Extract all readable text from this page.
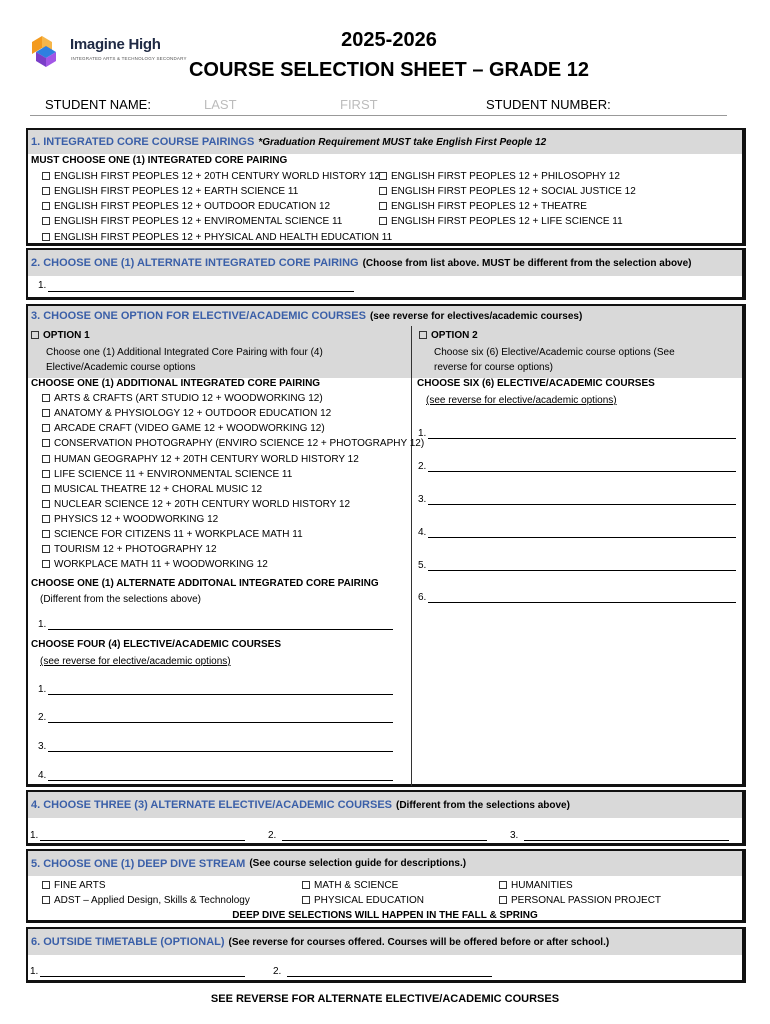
Imagine High
INTEGRATED ARTS & TECHNOLOGY SECONDARY
2025-2026
COURSE SELECTION SHEET – GRADE 12
STUDENT NAME:	LAST	FIRST	STUDENT NUMBER:
1. INTEGRATED CORE COURSE PAIRINGS *Graduation Requirement MUST take English First People 12
MUST CHOOSE ONE (1) INTEGRATED CORE PAIRING
ENGLISH FIRST PEOPLES 12 + 20TH CENTURY WORLD HISTORY 12
ENGLISH FIRST PEOPLES 12 + EARTH SCIENCE 11
ENGLISH FIRST PEOPLES 12 + OUTDOOR EDUCATION 12
ENGLISH FIRST PEOPLES 12 + ENVIROMENTAL SCIENCE 11
ENGLISH FIRST PEOPLES 12 + PHYSICAL AND HEALTH EDUCATION 11
ENGLISH FIRST PEOPLES 12 + PHILOSOPHY 12
ENGLISH FIRST PEOPLES 12 + SOCIAL JUSTICE 12
ENGLISH FIRST PEOPLES 12 + THEATRE
ENGLISH FIRST PEOPLES 12 + LIFE SCIENCE 11
2. CHOOSE ONE (1) ALTERNATE INTEGRATED CORE PAIRING (Choose from list above. MUST be different from the selection above)
1.
3. CHOOSE ONE OPTION FOR ELECTIVE/ACADEMIC COURSES (see reverse for electives/academic courses)
OPTION 1
Choose one (1) Additional Integrated Core Pairing with four (4)
Elective/Academic course options
CHOOSE ONE (1) ADDITIONAL INTEGRATED CORE PAIRING
ARTS & CRAFTS (ART STUDIO 12 + WOODWORKING 12)
ANATOMY & PHYSIOLOGY 12 + OUTDOOR EDUCATION 12
ARCADE CRAFT (VIDEO GAME 12 + WOODWORKING 12)
CONSERVATION PHOTOGRAPHY (ENVIRO SCIENCE 12 + PHOTOGRAPHY 12)
HUMAN GEOGRAPHY 12 + 20TH CENTURY WORLD HISTORY 12
LIFE SCIENCE 11 + ENVIRONMENTAL SCIENCE 11
MUSICAL THEATRE 12 + CHORAL MUSIC 12
NUCLEAR SCIENCE 12 + 20TH CENTURY WORLD HISTORY 12
PHYSICS 12 + WOODWORKING 12
SCIENCE FOR CITIZENS 11 + WORKPLACE MATH 11
TOURISM 12 + PHOTOGRAPHY 12
WORKPLACE MATH 11 + WOODWORKING 12
CHOOSE ONE (1) ALTERNATE ADDITONAL INTEGRATED CORE PAIRING
(Different from the selections above)
1.
CHOOSE FOUR (4) ELECTIVE/ACADEMIC COURSES
(see reverse for elective/academic options)
1.
2.
3.
4.
OPTION 2
Choose six (6) Elective/Academic course options (See
reverse for course options)
CHOOSE SIX (6) ELECTIVE/ACADEMIC COURSES
(see reverse for elective/academic options)
1.
2.
3.
4.
5.
6.
4. CHOOSE THREE (3) ALTERNATE ELECTIVE/ACADEMIC COURSES (Different from the selections above)
1.	2.	3.
5. CHOOSE ONE (1) DEEP DIVE STREAM (See course selection guide for descriptions.)
FINE ARTS
ADST – Applied Design, Skills & Technology
MATH & SCIENCE
PHYSICAL EDUCATION
HUMANITIES
PERSONAL PASSION PROJECT
DEEP DIVE SELECTIONS WILL HAPPEN IN THE FALL & SPRING
6. OUTSIDE TIMETABLE (OPTIONAL) (See reverse for courses offered. Courses will be offered before or after school.)
1.	2.
SEE REVERSE FOR ALTERNATE ELECTIVE/ACADEMIC COURSES
